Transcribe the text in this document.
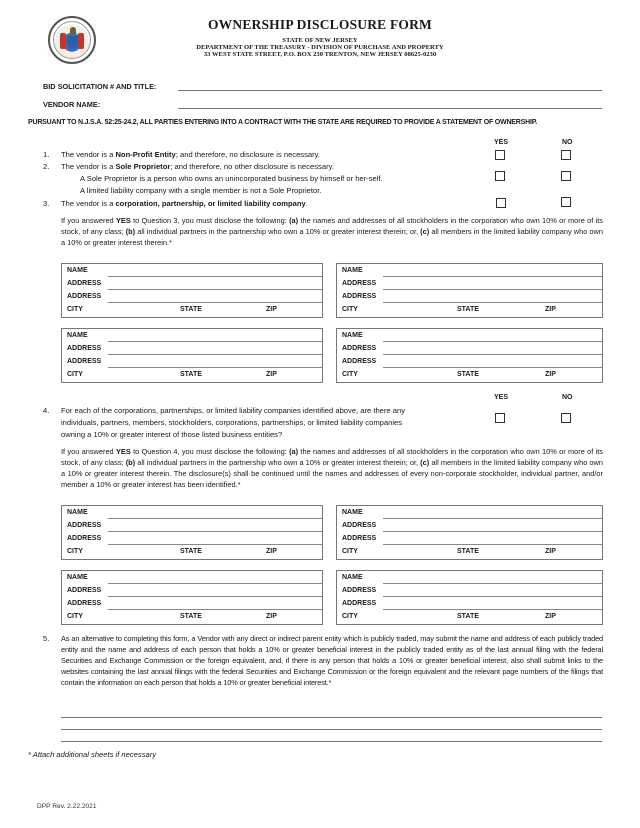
OWNERSHIP DISCLOSURE FORM
STATE OF NEW JERSEY
DEPARTMENT OF THE TREASURY - DIVISION OF PURCHASE AND PROPERTY
33 WEST STATE STREET, P.O. BOX 230 TRENTON, NEW JERSEY 08625-0230
BID SOLICITATION # AND TITLE:
VENDOR NAME:
PURSUANT TO N.J.S.A. 52:25-24.2, ALL PARTIES ENTERING INTO A CONTRACT WITH THE STATE ARE REQUIRED TO PROVIDE A STATEMENT OF OWNERSHIP.
YES	NO
1. The vendor is a Non-Profit Entity; and therefore, no disclosure is necessary.
2. The vendor is a Sole Proprietor; and therefore, no other disclosure is necessary.
A Sole Proprietor is a person who owns an unincorporated business by himself or her-self.
A limited liability company with a single member is not a Sole Proprietor.
3. The vendor is a corporation, partnership, or limited liability company.
If you answered YES to Question 3, you must disclose the following: (a) the names and addresses of all stockholders in the corporation who own 10% or more of its stock, of any class; (b) all individual partners in the partnership who own a 10% or greater interest therein; or, (c) all members in the limited liability company who own a 10% or greater interest therein.*
NAME
ADDRESS
ADDRESS
CITY	STATE	ZIP
NAME
ADDRESS
ADDRESS
CITY	STATE	ZIP
NAME
ADDRESS
ADDRESS
CITY	STATE	ZIP
NAME
ADDRESS
ADDRESS
CITY	STATE	ZIP
YES	NO
4. For each of the corporations, partnerships, or limited liability companies identified above, are there any
individuals, partners, members, stockholders, corporations, partnerships, or limited liability companies
owning a 10% or greater interest of those listed business entities?
If you answered YES to Question 4, you must disclose the following: (a) the names and addresses of all stockholders in the corporation who own 10% or more of its stock, of any class; (b) all individual partners in the partnership who own a 10% or greater interest therein; or, (c) all members in the limited liability company who own a 10% or greater interest therein. The disclosure(s) shall be continued until the names and addresses of every non-corporate stockholder, individual partner, and/or member a 10% or greater interest has been identified.*
NAME
ADDRESS
ADDRESS
CITY	STATE	ZIP
NAME
ADDRESS
ADDRESS
CITY	STATE	ZIP
NAME
ADDRESS
ADDRESS
CITY	STATE	ZIP
NAME
ADDRESS
ADDRESS
CITY	STATE	ZIP
5. As an alternative to completing this form, a Vendor with any direct or indirect parent entity which is publicly traded, may submit the name and address of each publicly traded entity and the name and address of each person that holds a 10% or greater beneficial interest in the publicly traded entity as of the last annual filing with the federal Securities and Exchange Commission or the foreign equivalent, and, if there is any person that holds a 10% or greater beneficial interest, also shall submit links to the websites containing the last annual filings with the federal Securities and Exchange Commission or the foreign equivalent and the relevant page numbers of the filings that contain the information on each person that holds a 10% or greater beneficial interest.*
* Attach additional sheets if necessary
DPP Rev. 2.22.2021
